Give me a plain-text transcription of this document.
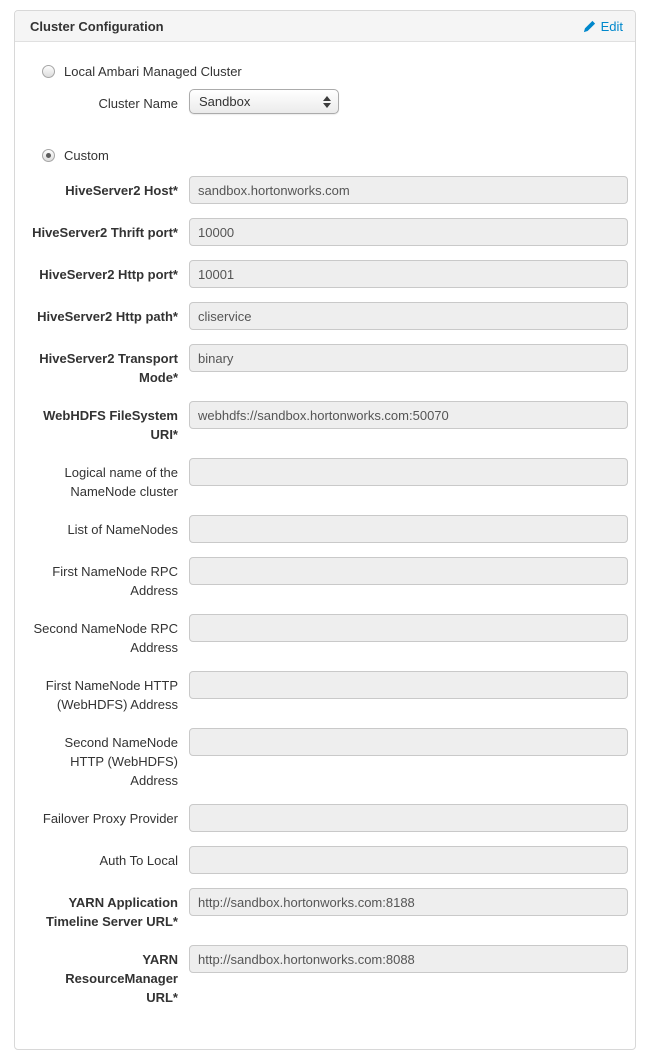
Cluster Configuration	Edit
Local Ambari Managed Cluster
Cluster Name Sandbox
Custom
HiveServer2 Host*
sandbox.hortonworks.com
HiveServer2 Thrift port*
10000
HiveServer2 Http port*
10001
HiveServer2 Http path*
cliservice
HiveServer2 Transport Mode*
binary
WebHDFS FileSystem URI*
webhdfs://sandbox.hortonworks.com:50070
Logical name of the NameNode cluster
List of NameNodes
First NameNode RPC Address
Second NameNode RPC Address
First NameNode HTTP (WebHDFS) Address
Second NameNode HTTP (WebHDFS) Address
Failover Proxy Provider
Auth To Local
YARN Application Timeline Server URL*
http://sandbox.hortonworks.com:8188
YARN ResourceManager URL*
http://sandbox.hortonworks.com:8088
